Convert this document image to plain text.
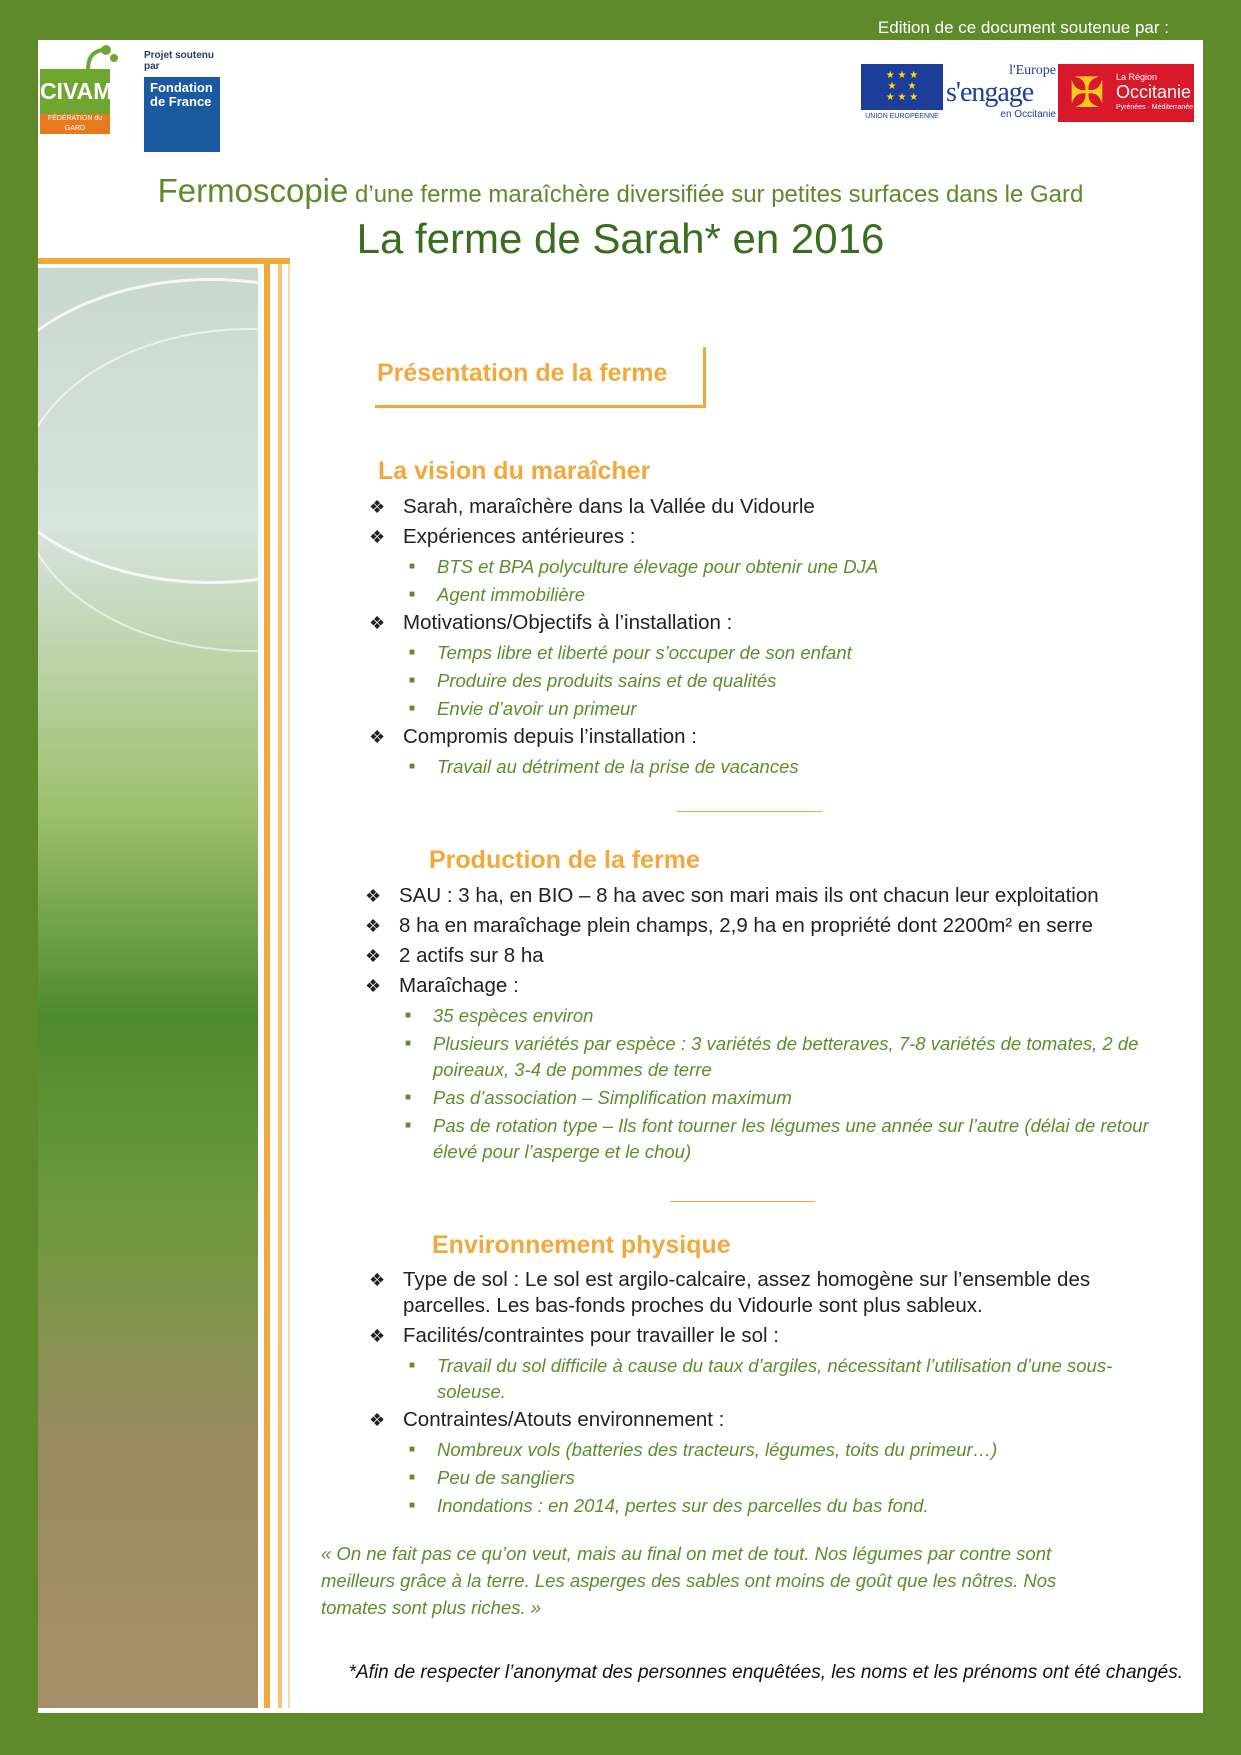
Edition de ce document soutenue par :
CIVAM
FÉDÉRATION du GARD
Projet soutenu par
Fondation de France
★ ★ ★
★    ★
★ ★ ★
UNION EUROPÉENNE
l'Europe
s'engage
en Occitanie ✠	La Région
Occitanie
Pyrénées · Méditerranée
Fermoscopie d’une ferme maraîchère diversifiée sur petites surfaces dans le Gard
La ferme de Sarah* en 2016
Présentation de la ferme
La vision du maraîcher
❖ Sarah, maraîchère dans la Vallée du Vidourle
❖ Expériences antérieures :
■ BTS et BPA polyculture élevage pour obtenir une DJA
■ Agent immobilière
❖ Motivations/Objectifs à l’installation :
■ Temps libre et liberté pour s’occuper de son enfant
■ Produire des produits sains et de qualités
■ Envie d’avoir un primeur
❖ Compromis depuis l’installation :
■ Travail au détriment de la prise de vacances
Production de la ferme
❖ SAU : 3 ha, en BIO – 8 ha avec son mari mais ils ont chacun leur exploitation
❖ 8 ha en maraîchage plein champs, 2,9 ha en propriété dont 2200m² en serre
❖ 2 actifs sur 8 ha
❖ Maraîchage :
■ 35 espèces environ
■ Plusieurs variétés par espèce : 3 variétés de betteraves, 7-8 variétés de tomates, 2 de poireaux, 3-4 de pommes de terre
■ Pas d’association – Simplification maximum
■ Pas de rotation type – Ils font tourner les légumes une année sur l’autre (délai de retour élevé pour l’asperge et le chou)
Environnement physique
❖ Type de sol : Le sol est argilo-calcaire, assez homogène sur l’ensemble des parcelles. Les bas-fonds proches du Vidourle sont plus sableux.
❖ Facilités/contraintes pour travailler le sol :
■ Travail du sol difficile à cause du taux d’argiles, nécessitant l’utilisation d’une sous-soleuse.
❖ Contraintes/Atouts environnement :
■ Nombreux vols (batteries des tracteurs, légumes, toits du primeur…)
■ Peu de sangliers
■ Inondations : en 2014, pertes sur des parcelles du bas fond.
« On ne fait pas ce qu’on veut, mais au final on met de tout. Nos légumes par contre sont meilleurs grâce à la terre. Les asperges des sables ont moins de goût que les nôtres. Nos tomates sont plus riches. »
*Afin de respecter l’anonymat des personnes enquêtées, les noms et les prénoms ont été changés.
